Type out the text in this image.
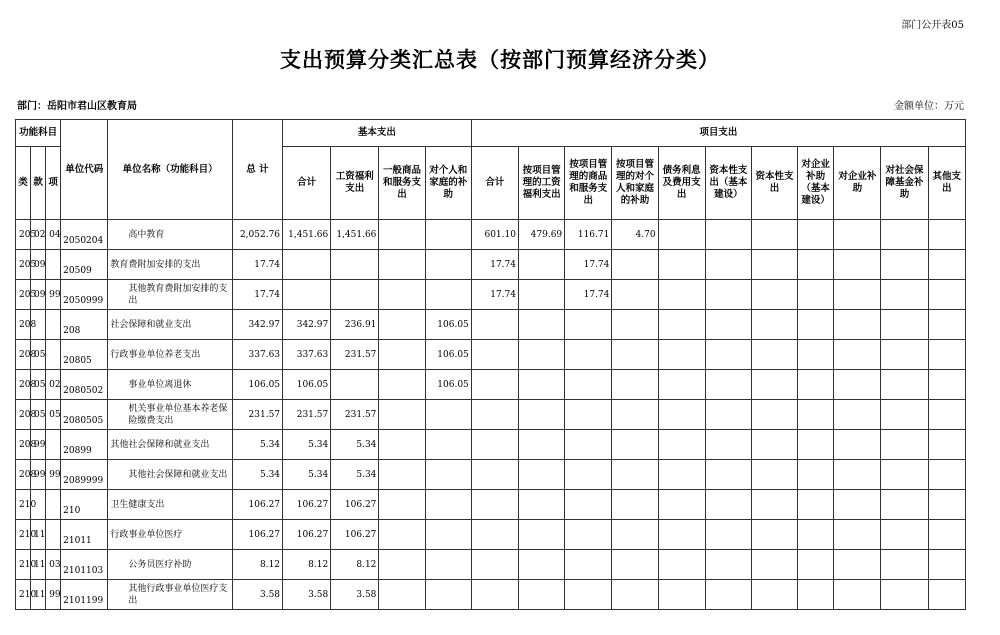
部门公开表05
支出预算分类汇总表（按部门预算经济分类）
部门：岳阳市君山区教育局	金额单位：万元
功能科目			单位代码	单位名称（功能科目）	总 计	基本支出				项目支出										
类	款	项				合计	工资福利支出	一般商品和服务支出	对个人和家庭的补助	合计	按项目管理的工资福利支出	按项目管理的商品和服务支出	按项目管理的对个人和家庭的补助	债务利息及费用支出	资本性支出（基本建设）	资本性支出	对企业补助（基本建设）	对企业补助	对社会保障基金补助	其他支出
205	02	04	2050204	高中教育	2,052.76	1,451.66	1,451.66			601.10	479.69	116.71	4.70							
205	09		20509	教育费附加安排的支出	17.74					17.74		17.74								
205	09	99	2050999	其他教育费附加安排的支出	17.74					17.74		17.74								
208			208	社会保障和就业支出	342.97	342.97	236.91		106.05											
208	05		20805	行政事业单位养老支出	337.63	337.63	231.57		106.05											
208	05	02	2080502	事业单位离退休	106.05	106.05			106.05											
208	05	05	2080505	机关事业单位基本养老保险缴费支出	231.57	231.57	231.57													
208	99		20899	其他社会保障和就业支出	5.34	5.34	5.34													
208	99	99	2089999	其他社会保障和就业支出	5.34	5.34	5.34													
210			210	卫生健康支出	106.27	106.27	106.27													
210	11		21011	行政事业单位医疗	106.27	106.27	106.27													
210	11	03	2101103	公务员医疗补助	8.12	8.12	8.12													
210	11	99	2101199	其他行政事业单位医疗支出	3.58	3.58	3.58													
